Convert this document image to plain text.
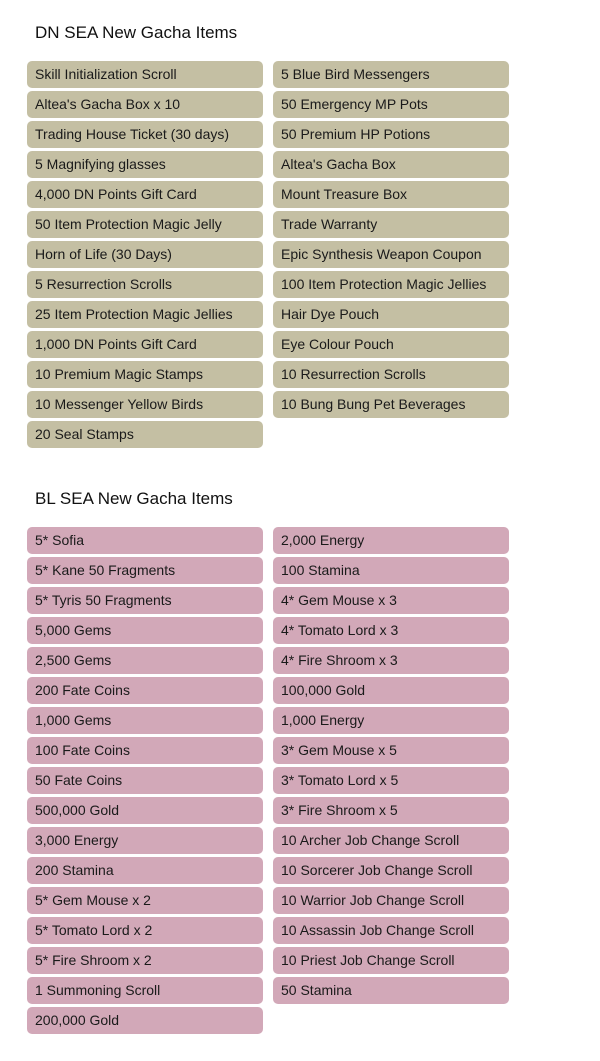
DN SEA New Gacha Items
Skill Initialization Scroll
Altea's Gacha Box x 10
Trading House Ticket (30 days)
5 Magnifying glasses
4,000 DN Points Gift Card
50 Item Protection Magic Jelly
Horn of Life (30 Days)
5 Resurrection Scrolls
25 Item Protection Magic Jellies
1,000 DN Points Gift Card
10 Premium Magic Stamps
10 Messenger Yellow Birds
20 Seal Stamps
5 Blue Bird Messengers
50 Emergency MP Pots
50 Premium HP Potions
Altea's Gacha Box
Mount Treasure Box
Trade Warranty
Epic Synthesis Weapon Coupon
100 Item Protection Magic Jellies
Hair Dye Pouch
Eye Colour Pouch
10 Resurrection Scrolls
10 Bung Bung Pet Beverages
BL SEA New Gacha Items
5* Sofia
5* Kane 50 Fragments
5* Tyris 50 Fragments
5,000 Gems
2,500 Gems
200 Fate Coins
1,000 Gems
100 Fate Coins
50 Fate Coins
500,000 Gold
3,000 Energy
200 Stamina
5* Gem Mouse x 2
5* Tomato Lord x 2
5* Fire Shroom x 2
1 Summoning Scroll
200,000 Gold
2,000 Energy
100 Stamina
4* Gem Mouse x 3
4* Tomato Lord x 3
4* Fire Shroom x 3
100,000 Gold
1,000 Energy
3* Gem Mouse x 5
3* Tomato Lord x 5
3* Fire Shroom x 5
10 Archer Job Change Scroll
10 Sorcerer Job Change Scroll
10 Warrior Job Change Scroll
10 Assassin Job Change Scroll
10 Priest Job Change Scroll
50 Stamina
